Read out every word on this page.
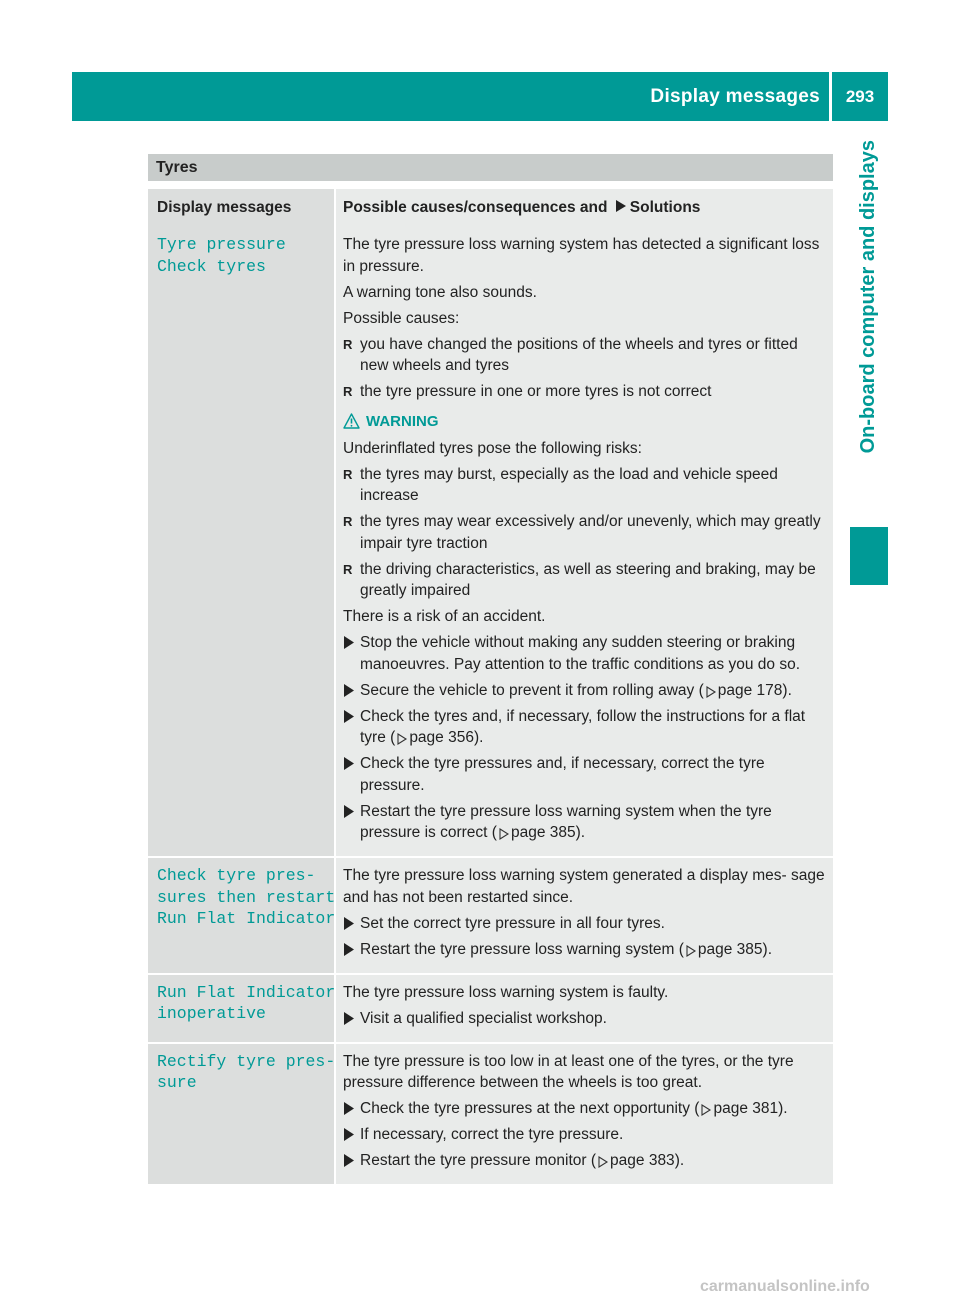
Display messages	293
On-board computer and displays
Tyres
Display messages	Possible causes/consequences and Solutions
Tyre pressure
Check tyres
The tyre pressure loss warning system has detected a significant loss in pressure.
A warning tone also sounds.
Possible causes:
R you have changed the positions of the wheels and tyres or fitted new wheels and tyres
R the tyre pressure in one or more tyres is not correct
WARNING
Underinflated tyres pose the following risks:
R the tyres may burst, especially as the load and vehicle speed increase
R the tyres may wear excessively and/or unevenly, which may greatly impair tyre traction
R the driving characteristics, as well as steering and braking, may be greatly impaired
There is a risk of an accident.
Stop the vehicle without making any sudden steering or braking manoeuvres. Pay attention to the traffic conditions as you do so.
Secure the vehicle to prevent it from rolling away ( page 178).
Check the tyres and, if necessary, follow the instructions for a flat tyre ( page 356).
Check the tyre pressures and, if necessary, correct the tyre pressure.
Restart the tyre pressure loss warning system when the tyre pressure is correct ( page 385).
Check tyre pres‐
sures then restart
Run Flat Indicator
The tyre pressure loss warning system generated a display mes‐ sage and has not been restarted since.
Set the correct tyre pressure in all four tyres.
Restart the tyre pressure loss warning system ( page 385).
Run Flat Indicator
inoperative
The tyre pressure loss warning system is faulty.
Visit a qualified specialist workshop.
Rectify tyre pres‐
sure
The tyre pressure is too low in at least one of the tyres, or the tyre pressure difference between the wheels is too great.
Check the tyre pressures at the next opportunity ( page 381).
If necessary, correct the tyre pressure.
Restart the tyre pressure monitor ( page 383).
carmanualsonline.info
